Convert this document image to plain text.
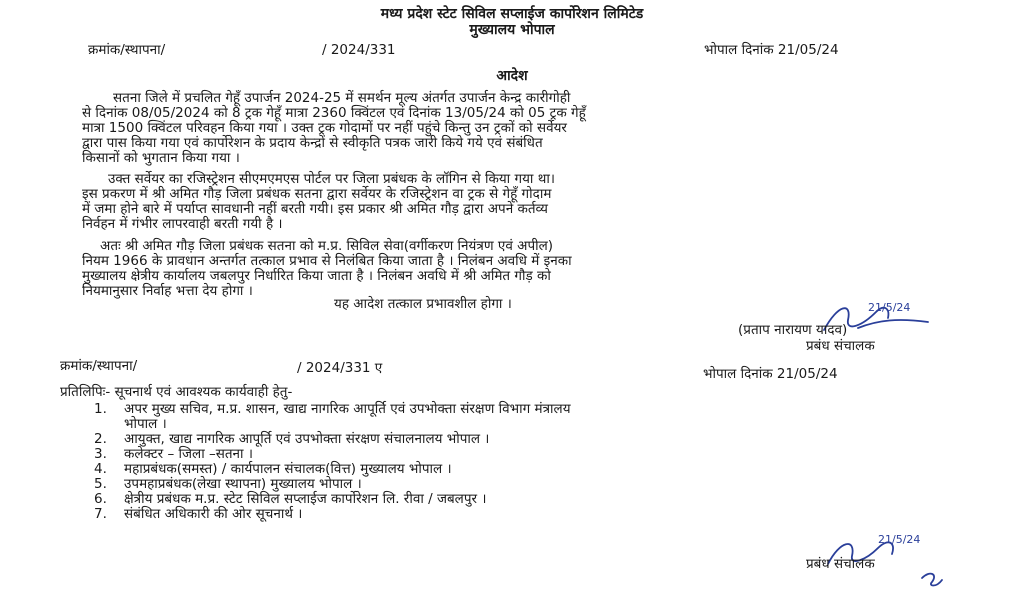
मध्य प्रदेश स्टेट सिविल सप्लाईज कार्पोरेशन लिमिटेड
मुख्यालय भोपाल
क्रमांक/स्थापना/	/ 2024/331	भोपाल दिनांक 21/05/24
आदेश
सतना जिले में प्रचलित गेहूँ उपार्जन 2024-25 में समर्थन मूल्य अंतर्गत उपार्जन केन्द्र कारीगोही
से दिनांक 08/05/2024 को 8 ट्रक गेहूँ मात्रा 2360 क्विंटल एवं दिनांक 13/05/24 को 05 ट्रक गेहूँ
मात्रा 1500 क्विंटल परिवहन किया गया । उक्त ट्रक गोदामों पर नहीं पहुंचे किन्तु उन ट्रकों को सर्वेयर
द्वारा पास किया गया एवं कार्पोरेशन के प्रदाय केन्द्रों से स्वीकृति पत्रक जारी किये गये एवं संबंधित
किसानों को भुगतान किया गया ।
उक्त सर्वेयर का रजिस्ट्रेशन सीएमएमएस पोर्टल पर जिला प्रबंधक के लॉगिन से किया गया था।
इस प्रकरण में श्री अमित गौड़ जिला प्रबंधक सतना द्वारा सर्वेयर के रजिस्ट्रेशन वा ट्रक से गेहूँ गोदाम
में जमा होने बारे में पर्याप्त सावधानी नहीं बरती गयी। इस प्रकार श्री अमित गौड़ द्वारा अपने कर्तव्य
निर्वहन में गंभीर लापरवाही बरती गयी है ।
अतः श्री अमित गौड़ जिला प्रबंधक सतना को म.प्र. सिविल सेवा(वर्गीकरण नियंत्रण एवं अपील)
नियम 1966 के प्रावधान अन्तर्गत तत्काल प्रभाव से निलंबित किया जाता है । निलंबन अवधि में इनका
मुख्यालय क्षेत्रीय कार्यालय जबलपुर निर्धारित किया जाता है । निलंबन अवधि में श्री अमित गौड़ को
नियमानुसार निर्वाह भत्ता देय होगा ।
यह आदेश तत्काल प्रभावशील होगा ।	21/5/24
(प्रताप नारायण यादव)
प्रबंध संचालक
क्रमांक/स्थापना/	/ 2024/331 ए	भोपाल दिनांक 21/05/24
प्रतिलिपिः- सूचनार्थ एवं आवश्यक कार्यवाही हेतु-
1. अपर मुख्य सचिव, म.प्र. शासन, खाद्य नागरिक आपूर्ति एवं उपभोक्ता संरक्षण विभाग मंत्रालय
भोपाल ।
2. आयुक्त, खाद्य नागरिक आपूर्ति एवं उपभोक्ता संरक्षण संचालनालय भोपाल ।
3. कलेक्टर – जिला –सतना ।
4. महाप्रबंधक(समस्त) / कार्यपालन संचालक(वित्त) मुख्यालय भोपाल ।
5. उपमहाप्रबंधक(लेखा स्थापना) मुख्यालय भोपाल ।
6. क्षेत्रीय प्रबंधक म.प्र. स्टेट सिविल सप्लाईज कार्पोरेशन लि. रीवा / जबलपुर ।
7. संबंधित अधिकारी की ओर सूचनार्थ ।
21/5/24
प्रबंध संचालक
